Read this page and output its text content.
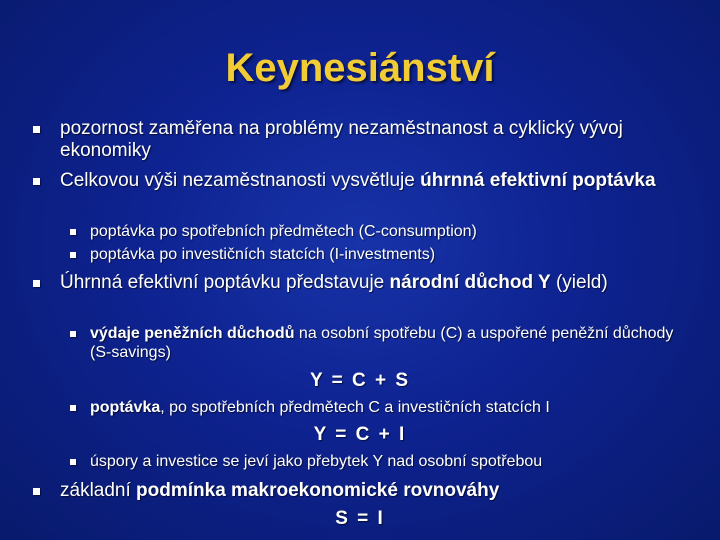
Keynesiánství
pozornost zaměřena na problémy nezaměstnanost a cyklický vývoj ekonomiky
Celkovou výši nezaměstnanosti vysvětluje úhrnná efektivní poptávka
poptávka po spotřebních předmětech (C-consumption)
poptávka po investičních statcích (I-investments)
Úhrnná efektivní poptávku představuje národní důchod Y (yield)
výdaje peněžních důchodů na osobní spotřebu (C) a uspořené peněžní důchody (S-savings)
Y = C + S
poptávka, po spotřebních předmětech C a investičních statcích I
Y = C + I
úspory a investice se jeví jako přebytek Y nad osobní spotřebou
základní podmínka makroekonomické rovnováhy
S = I
